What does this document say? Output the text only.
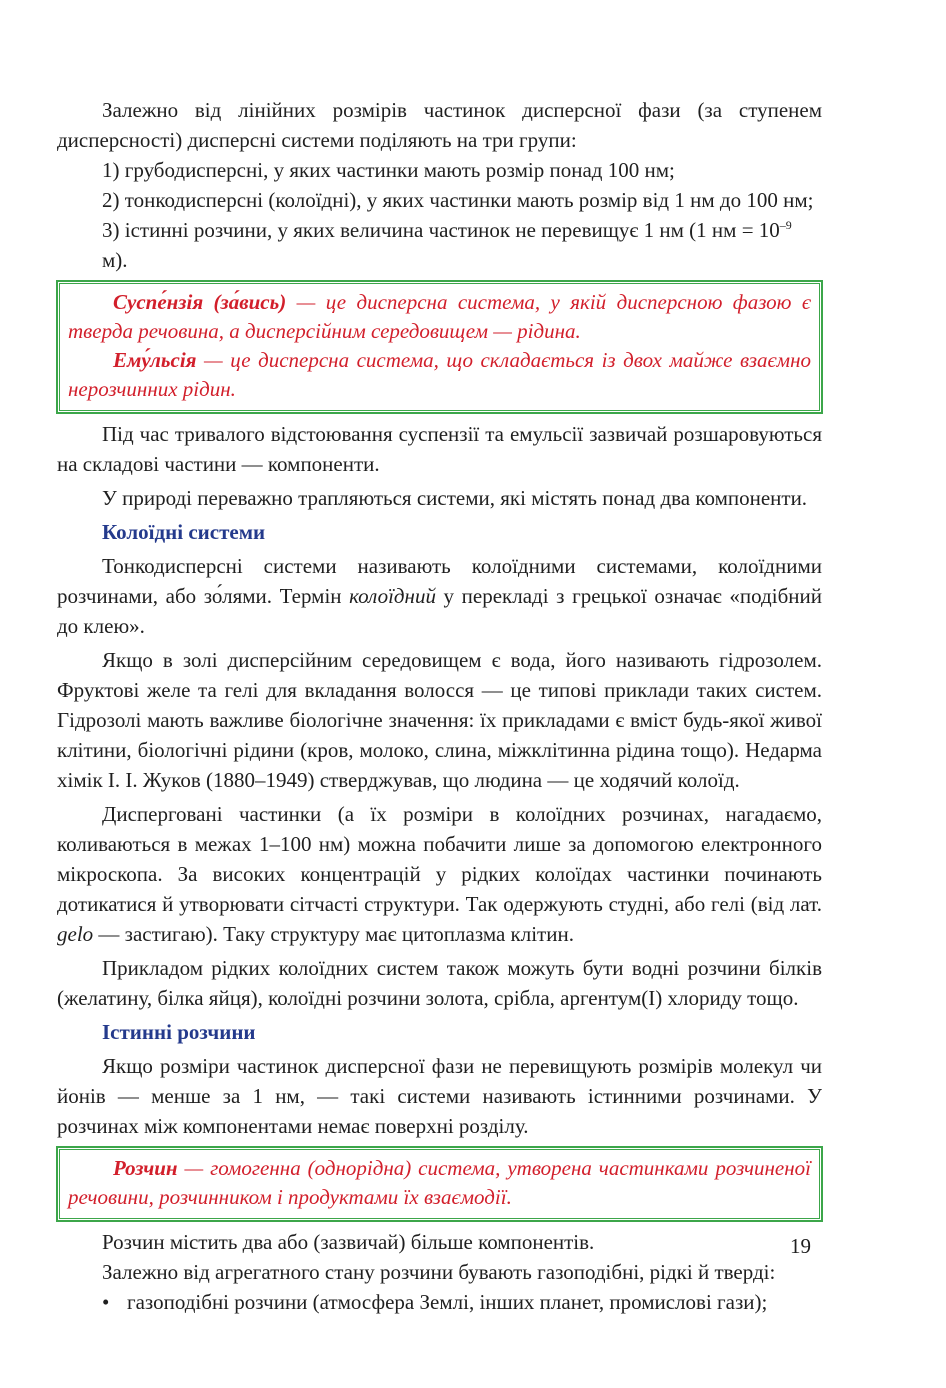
Залежно від лінійних розмірів частинок дисперсної фази (за ступенем дисперсності) дисперсні системи поділяють на три групи:

1) грубодисперсні, у яких частинки мають розмір понад 100 нм;

2) тонкодисперсні (колоїдні), у яких частинки мають розмір від 1 нм до 100 нм;

3) істинні розчини, у яких величина частинок не перевищує 1 нм (1 нм = $10^{-9}$ м).

Суспе́нзія (за́вись) — це дисперсна система, у якій дисперсною фазою є тверда речовина, а дисперсійним середовищем — рідина.

Ему́льсія — це дисперсна система, що складається із двох майже взаємно нерозчинних рідин.

Під час тривалого відстоювання суспензії та емульсії зазвичай розшаровуються на складові частини — компоненти.

У природі переважно трапляються системи, які містять понад два компоненти.

Колоїдні системи

Тонкодисперсні системи називають колоїдними системами, колоїдними розчинами, або зо́лями. Термін колоїдний у перекладі з грецької означає «подібний до клею».

Якщо в золі дисперсійним середовищем є вода, його називають гідрозолем. Фруктові желе та гелі для вкладання волосся — це типові приклади таких систем. Гідрозолі мають важливе біологічне значення: їх прикладами є вміст будь-якої живої клітини, біологічні рідини (кров, молоко, слина, міжклітинна рідина тощо). Недарма хімік І. І. Жуков (1880–1949) стверджував, що людина — це ходячий колоїд.

Дисперговані частинки (а їх розміри в колоїдних розчинах, нагадаємо, коливаються в межах 1–100 нм) можна побачити лише за допомогою електронного мікроскопа. За високих концентрацій у рідких колоїдах частинки починають дотикатися й утворювати сітчасті структури. Так одержують студні, або гелі (від лат. gelo — застигаю). Таку структуру має цитоплазма клітин.

Прикладом рідких колоїдних систем також можуть бути водні розчини білків (желатину, білка яйця), колоїдні розчини золота, срібла, аргентум(І) хлориду тощо.

Істинні розчини

Якщо розміри частинок дисперсної фази не перевищують розмірів молекул чи йонів — менше за 1 нм, — такі системи називають істинними розчинами. У розчинах між компонентами немає поверхні розділу.

Розчин — гомогенна (однорідна) система, утворена частинками розчиненої речовини, розчинником і продуктами їх взаємодії.

Розчин містить два або (зазвичай) більше компонентів.

Залежно від агрегатного стану розчини бувають газоподібні, рідкі й тверді:

• газоподібні розчини (атмосфера Землі, інших планет, промислові гази);
19
